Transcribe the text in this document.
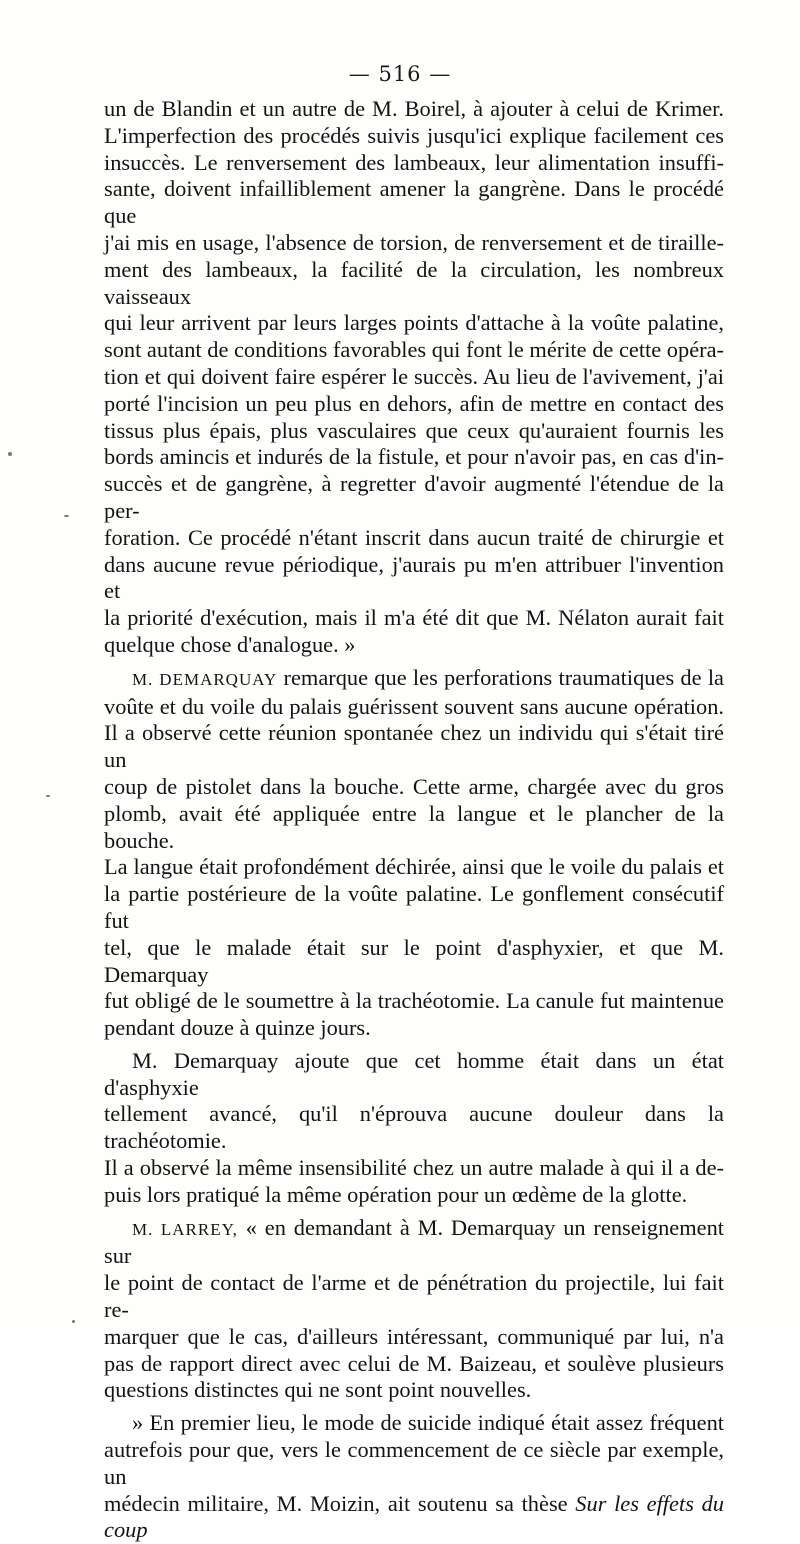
— 516 —

un de Blandin et un autre de M. Boirel, à ajouter à celui de Krimer.

L'imperfection des procédés suivis jusqu'ici explique facilement ces

insuccès. Le renversement des lambeaux, leur alimentation insuffi-

sante, doivent infailliblement amener la gangrène. Dans le procédé que

j'ai mis en usage, l'absence de torsion, de renversement et de tiraille-

ment des lambeaux, la facilité de la circulation, les nombreux vaisseaux

qui leur arrivent par leurs larges points d'attache à la voûte palatine,

sont autant de conditions favorables qui font le mérite de cette opéra-

tion et qui doivent faire espérer le succès. Au lieu de l'avivement, j'ai

porté l'incision un peu plus en dehors, afin de mettre en contact des

tissus plus épais, plus vasculaires que ceux qu'auraient fournis les

bords amincis et indurés de la fistule, et pour n'avoir pas, en cas d'in-

succès et de gangrène, à regretter d'avoir augmenté l'étendue de la per-

foration. Ce procédé n'étant inscrit dans aucun traité de chirurgie et

dans aucune revue périodique, j'aurais pu m'en attribuer l'invention et

la priorité d'exécution, mais il m'a été dit que M. Nélaton aurait fait

quelque chose d'analogue. »

M. DEMARQUAY remarque que les perforations traumatiques de la

voûte et du voile du palais guérissent souvent sans aucune opération.

Il a observé cette réunion spontanée chez un individu qui s'était tiré un

coup de pistolet dans la bouche. Cette arme, chargée avec du gros

plomb, avait été appliquée entre la langue et le plancher de la bouche.

La langue était profondément déchirée, ainsi que le voile du palais et

la partie postérieure de la voûte palatine. Le gonflement consécutif fut

tel, que le malade était sur le point d'asphyxier, et que M. Demarquay

fut obligé de le soumettre à la trachéotomie. La canule fut maintenue

pendant douze à quinze jours.

M. Demarquay ajoute que cet homme était dans un état d'asphyxie

tellement avancé, qu'il n'éprouva aucune douleur dans la trachéotomie.

Il a observé la même insensibilité chez un autre malade à qui il a de-

puis lors pratiqué la même opération pour un œdème de la glotte.

M. LARREY, « en demandant à M. Demarquay un renseignement sur

le point de contact de l'arme et de pénétration du projectile, lui fait re-

marquer que le cas, d'ailleurs intéressant, communiqué par lui, n'a

pas de rapport direct avec celui de M. Baizeau, et soulève plusieurs

questions distinctes qui ne sont point nouvelles.

» En premier lieu, le mode de suicide indiqué était assez fréquent

autrefois pour que, vers le commencement de ce siècle par exemple, un

médecin militaire, M. Moizin, ait soutenu sa thèse Sur les effets du coup
